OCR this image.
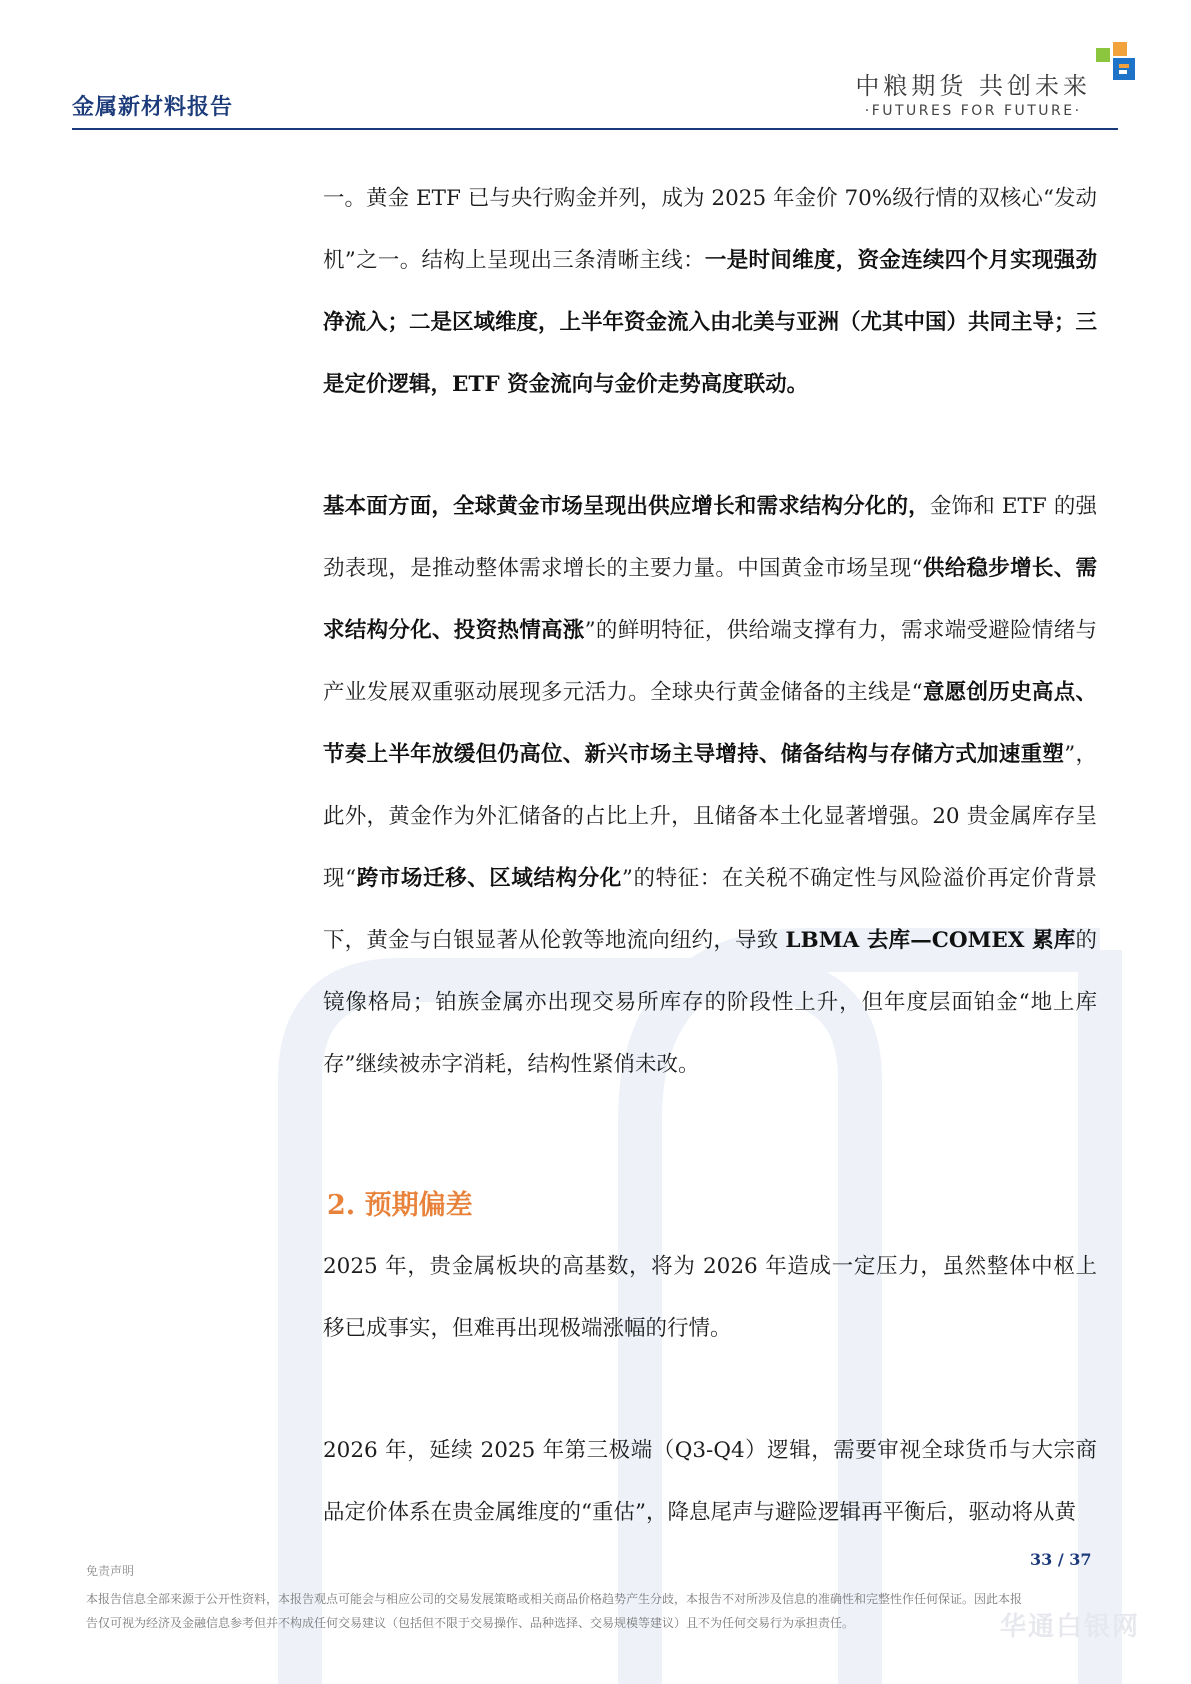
金属新材料报告
中粮期货 共创未来
·FUTURES FOR FUTURE·

一。黄金 ETF 已与央行购金并列，成为 2025 年金价 70%级行情的双核心“发动机”之一。结构上呈现出三条清晰主线：一是时间维度，资金连续四个月实现强劲净流入；二是区域维度，上半年资金流入由北美与亚洲（尤其中国）共同主导；三是定价逻辑，ETF 资金流向与金价走势高度联动。

基本面方面，全球黄金市场呈现出供应增长和需求结构分化的，金饰和 ETF 的强劲表现，是推动整体需求增长的主要力量。中国黄金市场呈现“供给稳步增长、需求结构分化、投资热情高涨”的鲜明特征，供给端支撑有力，需求端受避险情绪与产业发展双重驱动展现多元活力。全球央行黄金储备的主线是“意愿创历史高点、节奏上半年放缓但仍高位、新兴市场主导增持、储备结构与存储方式加速重塑”，此外，黄金作为外汇储备的占比上升，且储备本土化显著增强。20 贵金属库存呈现“跨市场迁移、区域结构分化”的特征：在关税不确定性与风险溢价再定价背景下，黄金与白银显著从伦敦等地流向纽约，导致 LBMA 去库—COMEX 累库的镜像格局；铂族金属亦出现交易所库存的阶段性上升，但年度层面铂金“地上库存”继续被赤字消耗，结构性紧俏未改。

2. 预期偏差

2025 年，贵金属板块的高基数，将为 2026 年造成一定压力，虽然整体中枢上移已成事实，但难再出现极端涨幅的行情。

2026 年，延续 2025 年第三极端（Q3-Q4）逻辑，需要审视全球货币与大宗商品定价体系在贵金属维度的“重估”，降息尾声与避险逻辑再平衡后，驱动将从黄

33 / 37
免责声明
本报告信息全部来源于公开性资料，本报告观点可能会与相应公司的交易发展策略或相关商品价格趋势产生分歧，本报告不对所涉及信息的准确性和完整性作任何保证。因此本报告仅可视为经济及金融信息参考但并不构成任何交易建议（包括但不限于交易操作、品种选择、交易规模等建议）且不为任何交易行为承担责任。	华通白银网
